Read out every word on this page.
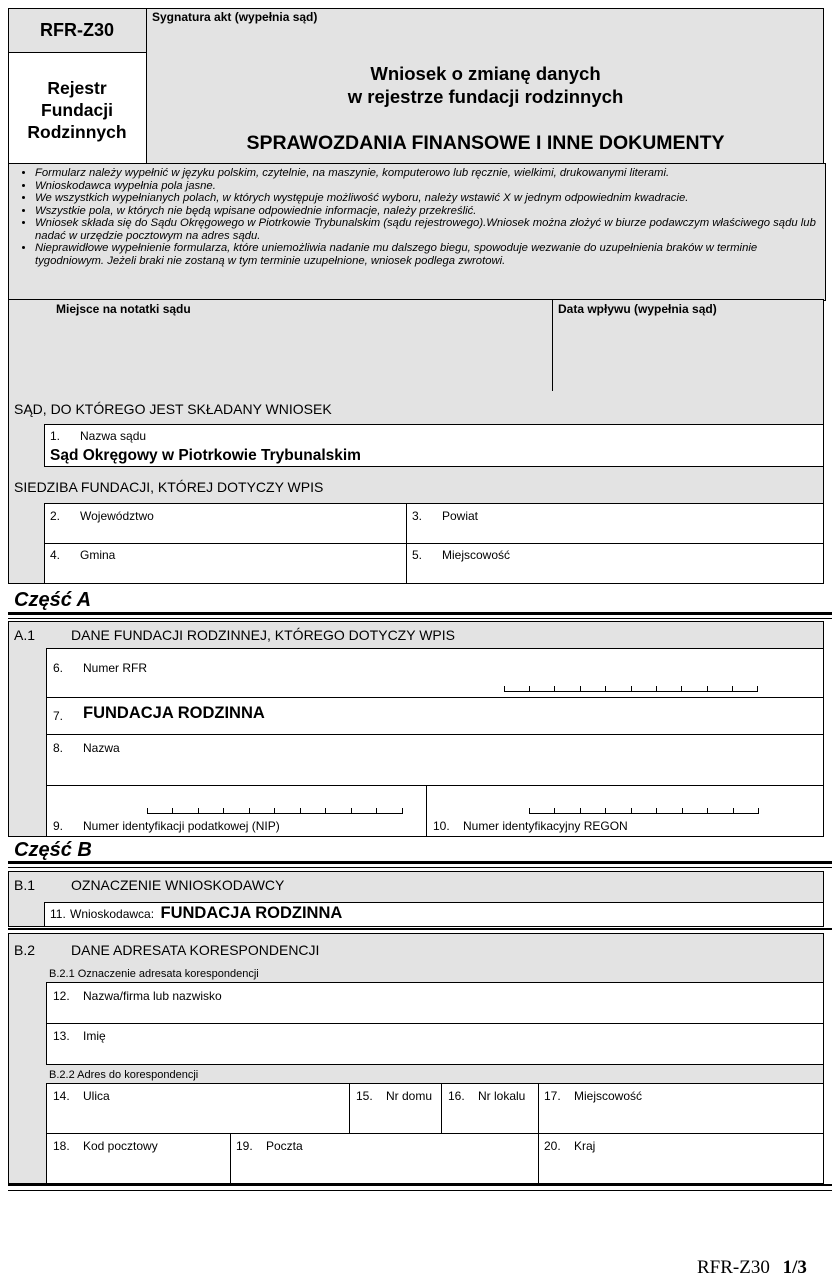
RFR-Z30
Sygnatura akt (wypełnia sąd)
Rejestr
Fundacji
Rodzinnych
Wniosek o zmianę danych
w rejestrze fundacji rodzinnych
SPRAWOZDANIA FINANSOWE I INNE DOKUMENTY
• Formularz należy wypełnić w języku polskim, czytelnie, na maszynie, komputerowo lub ręcznie, wielkimi, drukowanymi literami.
• Wnioskodawca wypełnia pola jasne.
• We wszystkich wypełnianych polach, w których występuje możliwość wyboru, należy wstawić X w jednym odpowiednim kwadracie.
• Wszystkie pola, w których nie będą wpisane odpowiednie informacje, należy przekreślić.
• Wniosek składa się do Sądu Okręgowego w Piotrkowie Trybunalskim (sądu rejestrowego).Wniosek można złożyć w biurze podawczym właściwego sądu lub nadać w urzędzie pocztowym na adres sądu.
• Nieprawidłowe wypełnienie formularza, które uniemożliwia nadanie mu dalszego biegu, spowoduje wezwanie do uzupełnienia braków w terminie tygodniowym. Jeżeli braki nie zostaną w tym terminie uzupełnione, wniosek podlega zwrotowi.
Miejsce na notatki sądu	Data wpływu (wypełnia sąd)
SĄD, DO KTÓREGO JEST SKŁADANY WNIOSEK
1. Nazwa sądu
Sąd Okręgowy w Piotrkowie Trybunalskim
SIEDZIBA FUNDACJI, KTÓREJ DOTYCZY WPIS
2. Województwo	3. Powiat
4. Gmina	5. Miejscowość
Część A
A.1	DANE FUNDACJI RODZINNEJ, KTÓREGO DOTYCZY WPIS
6. Numer RFR
7.	FUNDACJA RODZINNA
8. Nazwa
9. Numer identyfikacji podatkowej (NIP)	10. Numer identyfikacyjny REGON
Część B
B.1	OZNACZENIE WNIOSKODAWCY
11. Wnioskodawca: FUNDACJA RODZINNA
B.2	DANE ADRESATA KORESPONDENCJI
B.2.1 Oznaczenie adresata korespondencji
12. Nazwa/firma lub nazwisko
13. Imię
B.2.2 Adres do korespondencji
14. Ulica	15. Nr domu 16. Nr lokalu 17. Miejscowość
18. Kod pocztowy	19. Poczta	20. Kraj
RFR-Z30 1/3
